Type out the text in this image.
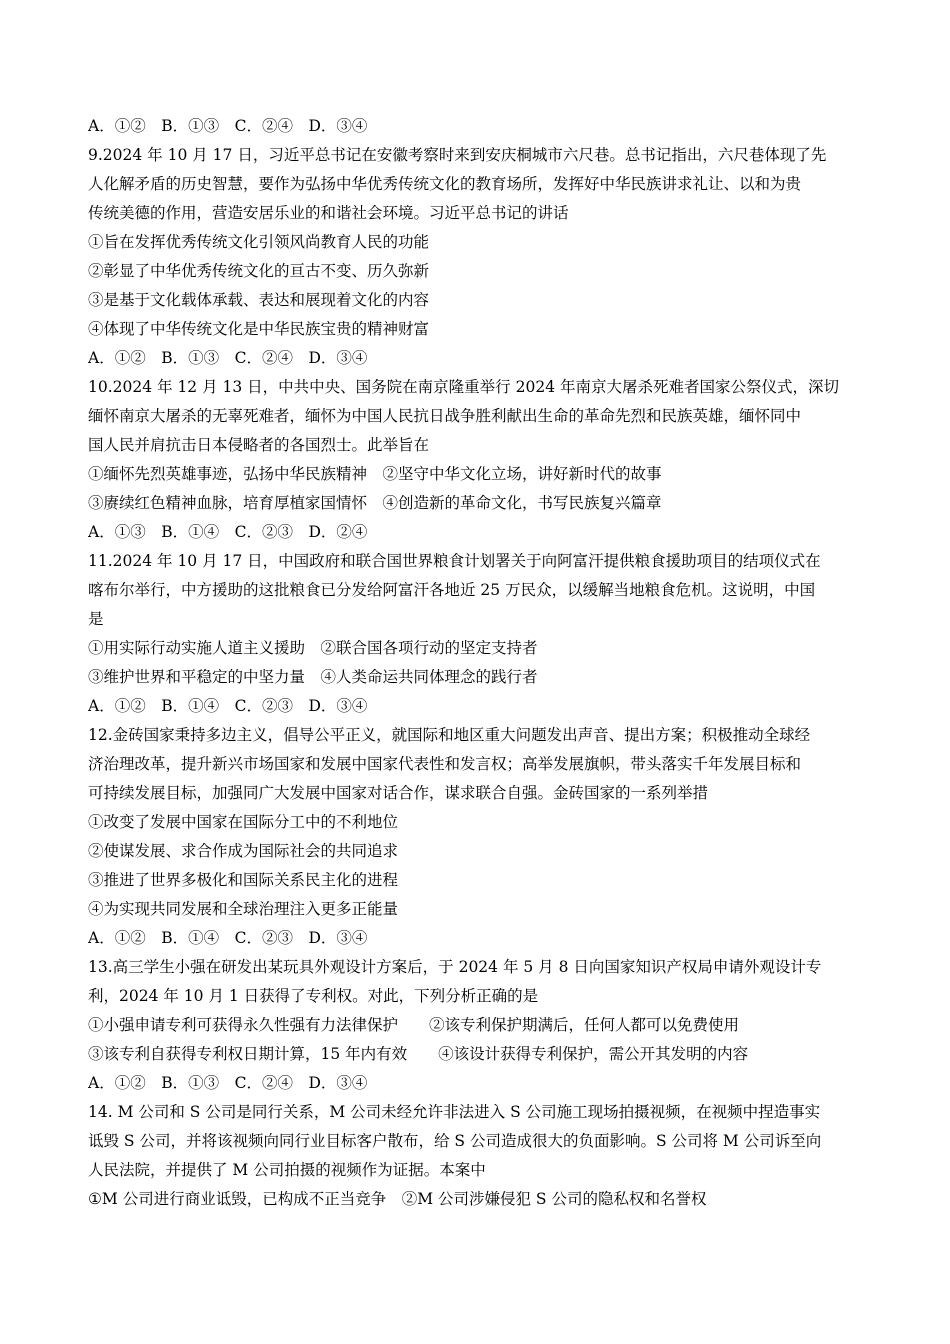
A．①②　B．①③　C．②④　D．③④
9.2024 年 10 月 17 日，习近平总书记在安徽考察时来到安庆桐城市六尺巷。总书记指出，六尺巷体现了先
人化解矛盾的历史智慧，要作为弘扬中华优秀传统文化的教育场所，发挥好中华民族讲求礼让、以和为贵
传统美德的作用，营造安居乐业的和谐社会环境。习近平总书记的讲话
①旨在发挥优秀传统文化引领风尚教育人民的功能
②彰显了中华优秀传统文化的亘古不变、历久弥新
③是基于文化载体承载、表达和展现着文化的内容
④体现了中华传统文化是中华民族宝贵的精神财富
A．①②　B．①③　C．②④　D．③④
10.2024 年 12 月 13 日，中共中央、国务院在南京隆重举行 2024 年南京大屠杀死难者国家公祭仪式，深切
缅怀南京大屠杀的无辜死难者，缅怀为中国人民抗日战争胜利献出生命的革命先烈和民族英雄，缅怀同中
国人民并肩抗击日本侵略者的各国烈士。此举旨在
①缅怀先烈英雄事迹，弘扬中华民族精神　②坚守中华文化立场，讲好新时代的故事
③赓续红色精神血脉，培育厚植家国情怀　④创造新的革命文化，书写民族复兴篇章
A．①③　B．①④　C．②③　D．②④
11.2024 年 10 月 17 日，中国政府和联合国世界粮食计划署关于向阿富汗提供粮食援助项目的结项仪式在
喀布尔举行，中方援助的这批粮食已分发给阿富汗各地近 25 万民众，以缓解当地粮食危机。这说明，中国
是
①用实际行动实施人道主义援助　②联合国各项行动的坚定支持者
③维护世界和平稳定的中坚力量　④人类命运共同体理念的践行者
A．①②　B．①④　C．②③　D．③④
12.金砖国家秉持多边主义，倡导公平正义，就国际和地区重大问题发出声音、提出方案；积极推动全球经
济治理改革，提升新兴市场国家和发展中国家代表性和发言权；高举发展旗帜，带头落实千年发展目标和
可持续发展目标，加强同广大发展中国家对话合作，谋求联合自强。金砖国家的一系列举措
①改变了发展中国家在国际分工中的不利地位
②使谋发展、求合作成为国际社会的共同追求
③推进了世界多极化和国际关系民主化的进程
④为实现共同发展和全球治理注入更多正能量
A．①②　B．①④　C．②③　D．③④
13.高三学生小强在研发出某玩具外观设计方案后，于 2024 年 5 月 8 日向国家知识产权局申请外观设计专
利，2024 年 10 月 1 日获得了专利权。对此，下列分析正确的是
①小强申请专利可获得永久性强有力法律保护　　②该专利保护期满后，任何人都可以免费使用
③该专利自获得专利权日期计算，15 年内有效　　④该设计获得专利保护，需公开其发明的内容
A．①②　B．①③　C．②④　D．③④
14. M 公司和 S 公司是同行关系，M 公司未经允许非法进入 S 公司施工现场拍摄视频，在视频中捏造事实
诋毁 S 公司，并将该视频向同行业目标客户散布，给 S 公司造成很大的负面影响。S 公司将 M 公司诉至向
人民法院，并提供了 M 公司拍摄的视频作为证据。本案中
①M 公司进行商业诋毁，已构成不正当竞争　②M 公司涉嫌侵犯 S 公司的隐私权和名誉权
